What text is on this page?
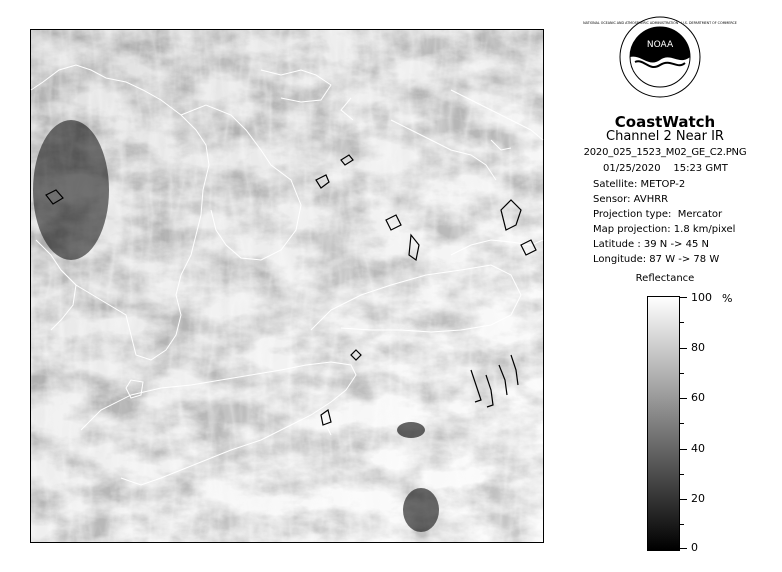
NOAA
NATIONAL OCEANIC AND ATMOSPHERIC ADMINISTRATION · U.S. DEPARTMENT OF COMMERCE
CoastWatch
Channel 2 Near IR
2020_025_1523_M02_GE_C2.PNG
01/25/2020    15:23 GMT
Satellite: METOP-2
Sensor: AVHRR
Projection type:  Mercator
Map projection: 1.8 km/pixel
Latitude : 39 N -> 45 N
Longitude: 87 W -> 78 W
Reflectance
%
100
80
60
40
20
0
